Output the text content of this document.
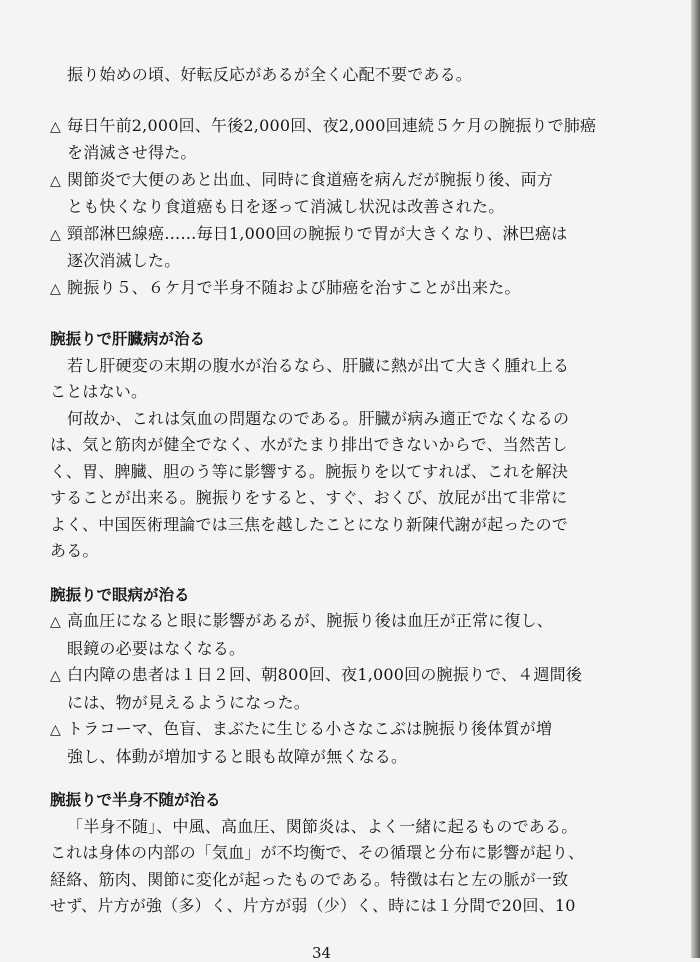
振り始めの頃、好転反応があるが全く心配不要である。
△ 毎日午前2,000回、午後2,000回、夜2,000回連続５ケ月の腕振りで肺癌
を消滅させ得た。
△ 関節炎で大便のあと出血、同時に食道癌を病んだが腕振り後、両方
とも快くなり食道癌も日を逐って消滅し状況は改善された。
△ 頸部淋巴線癌……毎日1,000回の腕振りで胃が大きくなり、淋巴癌は
逐次消滅した。
△ 腕振り５、６ケ月で半身不随および肺癌を治すことが出来た。
腕振りで肝臓病が治る
若し肝硬変の末期の腹水が治るなら、肝臓に熱が出て大きく腫れ上る
ことはない。
何故か、これは気血の問題なのである。肝臓が病み適正でなくなるの
は、気と筋肉が健全でなく、水がたまり排出できないからで、当然苦し
く、胃、脾臓、胆のう等に影響する。腕振りを以てすれば、これを解決
することが出来る。腕振りをすると、すぐ、おくび、放屁が出て非常に
よく、中国医術理論では三焦を越したことになり新陳代謝が起ったので
ある。
腕振りで眼病が治る
△ 高血圧になると眼に影響があるが、腕振り後は血圧が正常に復し、
眼鏡の必要はなくなる。
△ 白内障の患者は１日２回、朝800回、夜1,000回の腕振りで、４週間後
には、物が見えるようになった。
△ トラコーマ、色盲、まぶたに生じる小さなこぶは腕振り後体質が増
強し、体動が増加すると眼も故障が無くなる。
腕振りで半身不随が治る
「半身不随」、中風、高血圧、関節炎は、よく一緒に起るものである。
これは身体の内部の「気血」が不均衡で、その循環と分布に影響が起り、
経絡、筋肉、関節に変化が起ったものである。特徴は右と左の脈が一致
せず、片方が強（多）く、片方が弱（少）く、時には１分間で20回、10
34
